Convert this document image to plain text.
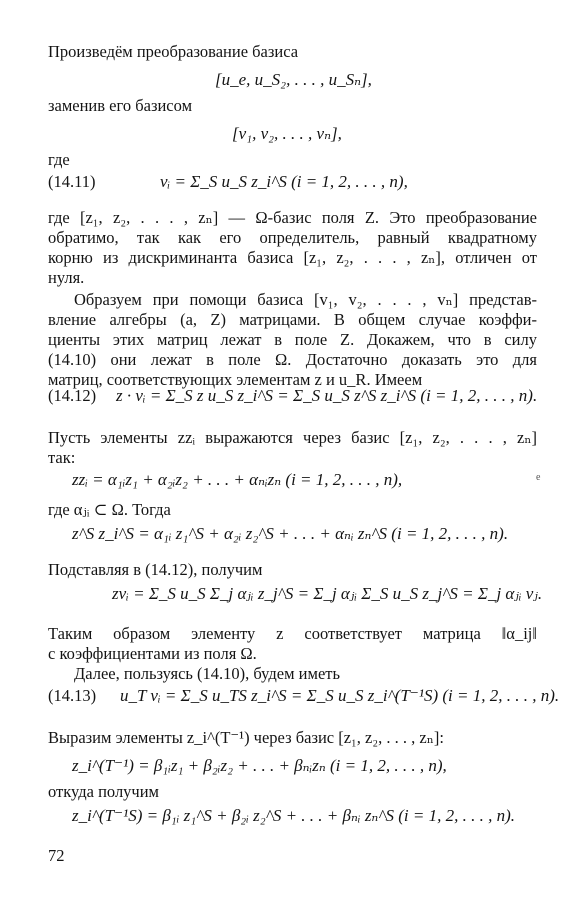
Произведём преобразование базиса
[u_e, u_S₂, . . . , u_Sₙ],
заменив его базисом
[v₁, v₂, . . . , vₙ],
где
(14.11)	vᵢ = Σ_S u_S z_i^S (i = 1, 2, . . . , n),
где [z₁, z₂, . . . , zₙ] — Ω-базис поля Z. Это преобразование
обратимо, так как его определитель, равный квадратному
корню из дискриминанта базиса [z₁, z₂, . . . , zₙ], отличен от
нуля.
Образуем при помощи базиса [v₁, v₂, . . . , vₙ] представ-
вление алгебры (a, Z) матрицами. В общем случае коэффи-
циенты этих матриц лежат в поле Z. Докажем, что в силу
(14.10) они лежат в поле Ω. Достаточно доказать это для
матриц, соответствующих элементам z и u_R. Имеем
(14.12) z · vᵢ = Σ_S z u_S z_i^S = Σ_S u_S z^S z_i^S (i = 1, 2, . . . , n).
Пусть элементы zzᵢ выражаются через базис [z₁, z₂, . . . , zₙ]
так:
zzᵢ = α₁ᵢz₁ + α₂ᵢz₂ + . . . + αₙᵢzₙ (i = 1, 2, . . . , n),	e
где αⱼᵢ ⊂ Ω. Тогда
z^S z_i^S = α₁ᵢ z₁^S + α₂ᵢ z₂^S + . . . + αₙᵢ zₙ^S (i = 1, 2, . . . , n).
Подставляя в (14.12), получим
zvᵢ = Σ_S u_S Σ_j αⱼᵢ z_j^S = Σ_j αⱼᵢ Σ_S u_S z_j^S = Σ_j αⱼᵢ vⱼ.
Таким образом элементу z соответствует матрица ‖α_ij‖
с коэффициентами из поля Ω.
Далее, пользуясь (14.10), будем иметь
(14.13) u_T vᵢ = Σ_S u_TS z_i^S = Σ_S u_S z_i^(T⁻¹S) (i = 1, 2, . . . , n).
Выразим элементы z_i^(T⁻¹) через базис [z₁, z₂, . . . , zₙ]:
z_i^(T⁻¹) = β₁ᵢz₁ + β₂ᵢz₂ + . . . + βₙᵢzₙ (i = 1, 2, . . . , n),
откуда получим
z_i^(T⁻¹S) = β₁ᵢ z₁^S + β₂ᵢ z₂^S + . . . + βₙᵢ zₙ^S (i = 1, 2, . . . , n).
72
